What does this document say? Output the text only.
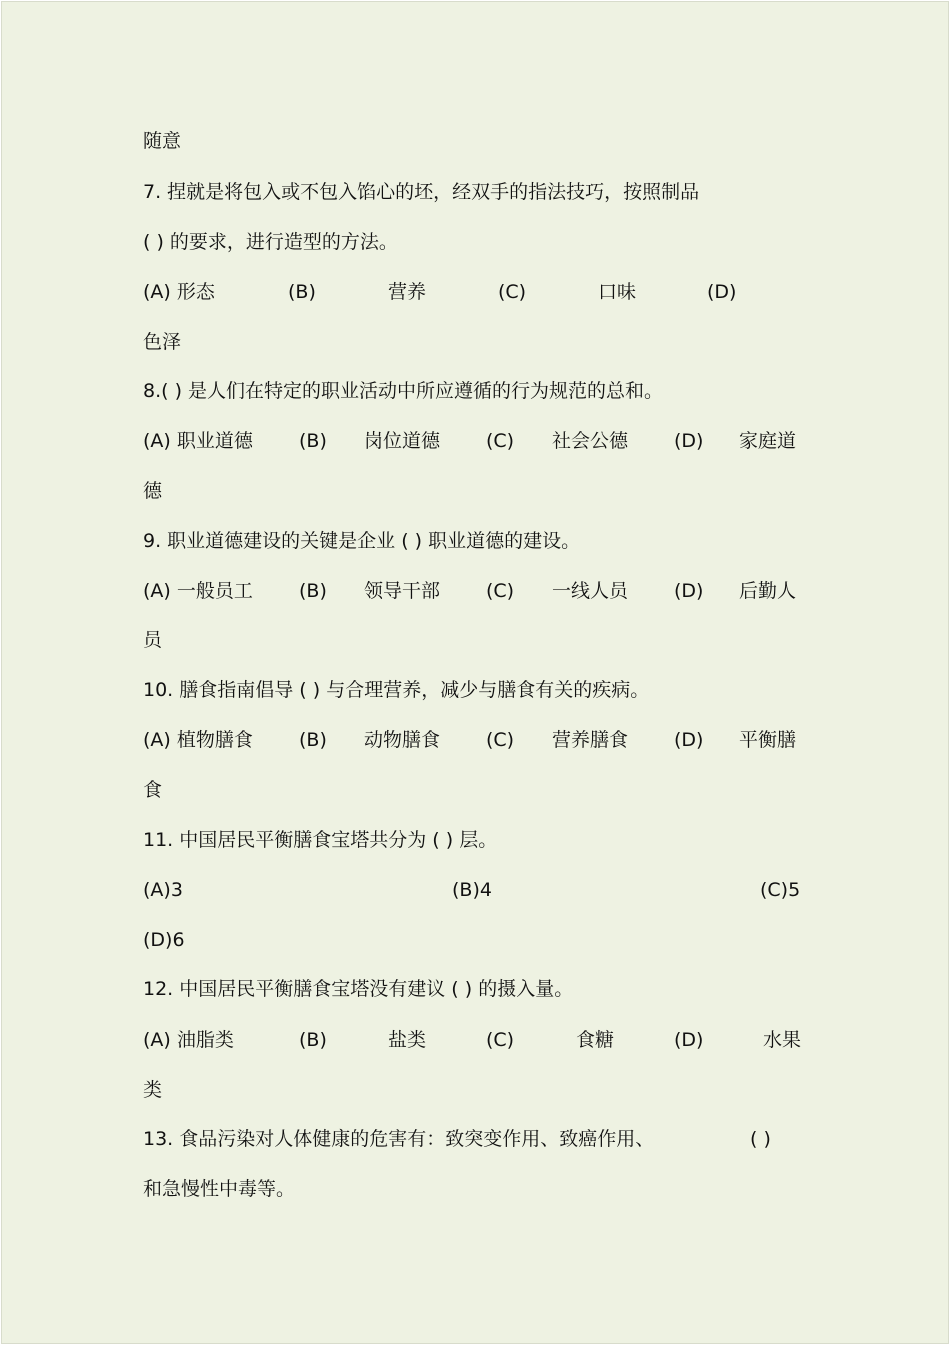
随意
7. 捏就是将包入或不包入馅心的坯，经双手的指法技巧，按照制品
( ) 的要求，进行造型的方法。
(A) 形态	(B)	营养	(C)	口味	(D)
色泽
8.( ) 是人们在特定的职业活动中所应遵循的行为规范的总和。
(A) 职业道德 (B) 岗位道德 (C) 社会公德 (D) 家庭道
德
9. 职业道德建设的关键是企业 ( ) 职业道德的建设。
(A) 一般员工 (B) 领导干部 (C) 一线人员 (D) 后勤人
员
10. 膳食指南倡导 ( ) 与合理营养，减少与膳食有关的疾病。
(A) 植物膳食 (B) 动物膳食 (C) 营养膳食 (D) 平衡膳
食
11. 中国居民平衡膳食宝塔共分为 ( ) 层。
(A)3	(B)4	(C)5
(D)6
12. 中国居民平衡膳食宝塔没有建议 ( ) 的摄入量。
(A) 油脂类	(B)	盐类	(C)	食糖	(D)	水果
类
13. 食品污染对人体健康的危害有：致突变作用、致癌作用、	( )
和急慢性中毒等。
